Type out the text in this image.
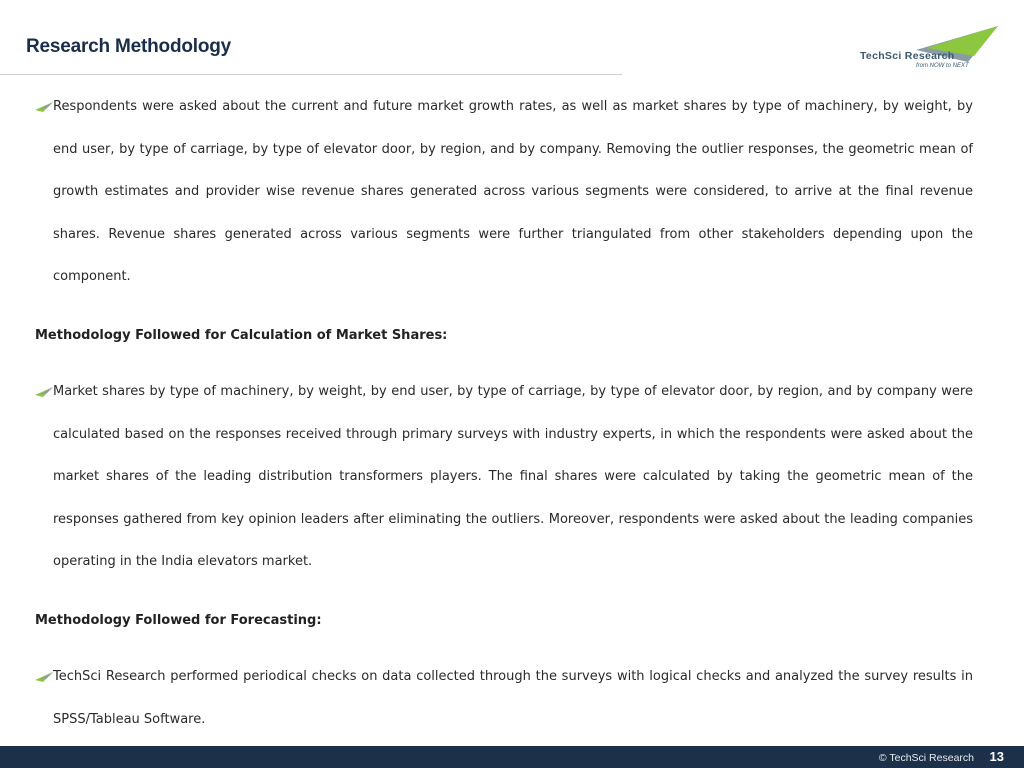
Research Methodology	TechSci Research
from NOW to NEXT

Respondents were asked about the current and future market growth rates, as well as market shares by type of machinery, by weight, by end user, by type of carriage, by type of elevator door, by region, and by company. Removing the outlier responses, the geometric mean of growth estimates and provider wise revenue shares generated across various segments were considered, to arrive at the final revenue shares. Revenue shares generated across various segments were further triangulated from other stakeholders depending upon the component.

Methodology Followed for Calculation of Market Shares:

Market shares by type of machinery, by weight, by end user, by type of carriage, by type of elevator door, by region, and by company were calculated based on the responses received through primary surveys with industry experts, in which the respondents were asked about the market shares of the leading distribution transformers players. The final shares were calculated by taking the geometric mean of the responses gathered from key opinion leaders after eliminating the outliers. Moreover, respondents were asked about the leading companies operating in the India elevators market.

Methodology Followed for Forecasting:

TechSci Research performed periodical checks on data collected through the surveys with logical checks and analyzed the survey results in SPSS/Tableau Software.

© TechSci Research 13
